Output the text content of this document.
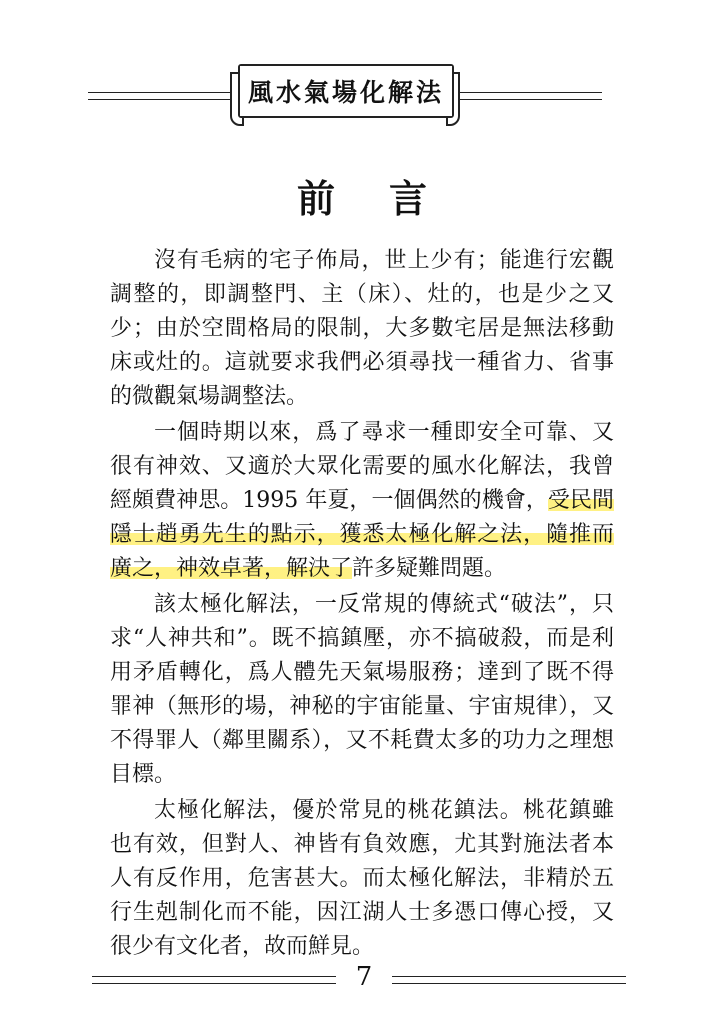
風水氣場化解法
前言

沒有毛病的宅子佈局，世上少有；能進行宏觀調整的，即調整門、主（床）、灶的，也是少之又少；由於空間格局的限制，大多數宅居是無法移動床或灶的。這就要求我們必須尋找一種省力、省事的微觀氣場調整法。

一個時期以來，爲了尋求一種即安全可靠、又很有神效、又適於大眾化需要的風水化解法，我曾經頗費神思。1995 年夏，一個偶然的機會，受民間隱士趙勇先生的點示，獲悉太極化解之法，隨推而廣之，神效卓著，解決了許多疑難問題。

該太極化解法，一反常規的傳統式“破法”，只求“人神共和”。既不搞鎮壓，亦不搞破殺，而是利用矛盾轉化，爲人體先天氣場服務；達到了既不得罪神（無形的場，神秘的宇宙能量、宇宙規律），又不得罪人（鄰里關系），又不耗費太多的功力之理想目標。

太極化解法，優於常見的桃花鎮法。桃花鎮雖也有效，但對人、神皆有負效應，尤其對施法者本人有反作用，危害甚大。而太極化解法，非精於五行生剋制化而不能，因江湖人士多憑口傳心授，又很少有文化者，故而鮮見。

7
